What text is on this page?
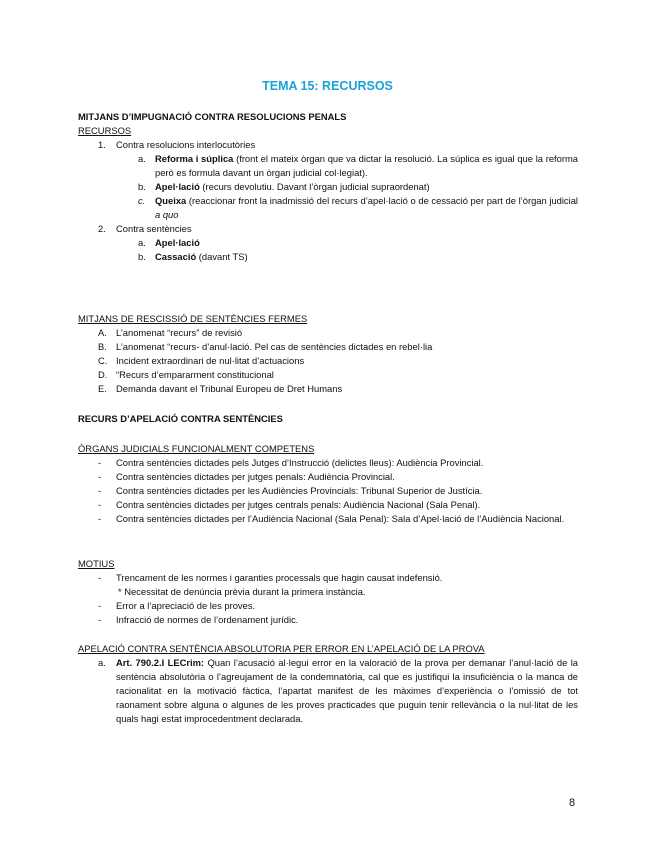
TEMA 15: RECURSOS
MITJANS D’IMPUGNACIÓ CONTRA RESOLUCIONS PENALS
RECURSOS
1. Contra resolucions interlocutòries
a. Reforma i súplica (front el mateix òrgan que va dictar la resolució. La súplica es igual que la reforma però es formula davant un òrgan judicial col·legiat).
b. Apel·lació (recurs devolutiu. Davant l’òrgan judicial supraordenat)
c. Queixa (reaccionar front la inadmissió del recurs d’apel·lació o de cessació per part de l’òrgan judicial a quo
2. Contra sentències
a. Apel·lació
b. Cassació (davant TS)
MITJANS DE RESCISSIÓ DE SENTÈNCIES FERMES
A. L’anomenat “recurs” de revisió
B. L’anomenat “recurs- d’anul·lació. Pel cas de sentències dictades en rebel·lia
C. Incident extraordinari de nul·litat d’actuacions
D. “Recurs d’empararment constitucional
E. Demanda davant el Tribunal Europeu de Dret Humans
RECURS D’APELACIÓ CONTRA SENTÈNCIES
ÒRGANS JUDICIALS FUNCIONALMENT COMPETENS
- Contra sentències dictades pels Jutges d’Instrucció (delictes lleus): Audiència Provincial.
- Contra sentències dictades per jutges penals: Audiència Provincial.
- Contra sentències dictades per les Audiències Provincials: Tribunal Superior de Justícia.
- Contra sentències dictades per jutges centrals penals: Audiència Nacional (Sala Penal).
- Contra sentències dictades per l’Audiència Nacional (Sala Penal): Sala d’Apel·lació de l’Audiència Nacional.
MOTIUS
- Trencament de les normes i garanties processals que hagin causat indefensió.
* Necessitat de denúncia prèvia durant la primera instància.
- Error a l’apreciació de les proves.
- Infracció de normes de l’ordenament jurídic.
APELACIÓ CONTRA SENTÈNCIA ABSOLUTORIA PER ERROR EN L’APELACIÓ DE LA PROVA
a. Art. 790.2.I LECrim: Quan l’acusació al·legui error en la valoració de la prova per demanar l’anul·lació de la sentència absolutòria o l’agreujament de la condemnatòria, cal que es justifiqui la insuficiència o la manca de racionalitat en la motivació fàctica, l’apartat manifest de les màximes d’experiència o l’omissió de tot raonament sobre alguna o algunes de les proves practicades que puguin tenir rellevància o la nul·litat de les quals hagi estat improcedentment declarada.
8
